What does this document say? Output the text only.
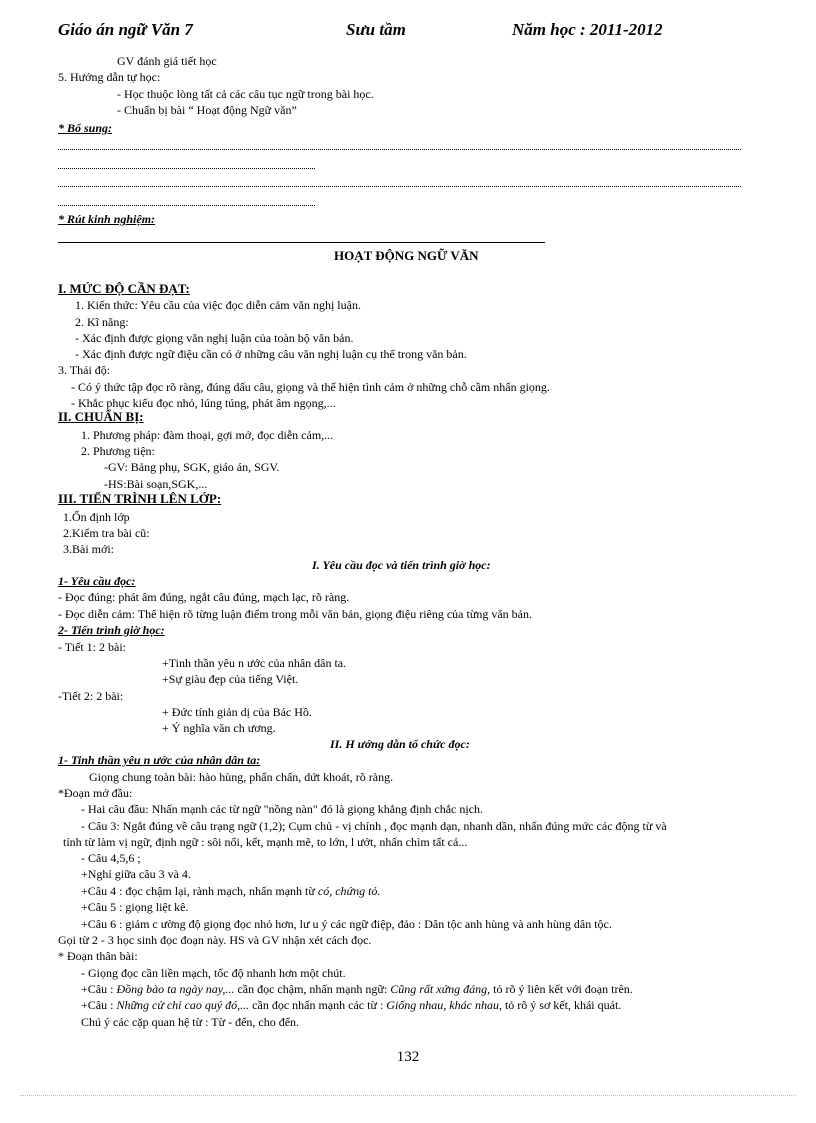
Giáo án ngữ Văn 7	Sưu tầm	Năm học : 2011-2012
GV đánh giá tiết học
5. Hướng dẫn tự học:
- Học thuộc lòng tất cả các câu tục ngữ trong bài học.
- Chuẩn bị bài “ Hoạt động Ngữ văn”
* Bổ sung:
* Rút kinh nghiệm:
HOẠT ĐỘNG NGỮ VĂN
I. MỨC ĐỘ CẦN ĐẠT:
1. Kiến thức: Yêu cầu của việc đọc diễn cảm văn nghị luận.
2. Kĩ năng:
- Xác định được giọng văn nghị luận của toàn bộ văn bản.
- Xác định được ngữ điệu cần có ở những câu văn nghị luận cụ thể trong văn bản.
3. Thái độ:
- Có ý thức tập đọc rõ ràng, đúng dấu câu, giọng và thể hiện tình cảm ở những chỗ cầm nhấn giọng.
- Khắc phục kiểu đọc nhỏ, lúng túng, phát âm ngọng,...
II. CHUẨN BỊ:
1. Phương pháp: đàm thoại, gợi mở, đọc diễn cảm,...
2. Phương tiện:
-GV: Bảng phụ, SGK, giáo án, SGV.
-HS:Bài soạn,SGK,...
III. TIẾN TRÌNH LÊN LỚP:
1.Ổn định lớp
2.Kiểm tra bài cũ:
3.Bài mới:
I. Yêu cầu đọc và tiến trình giờ học:
1- Yêu cầu đọc:
- Đọc đúng: phát âm đúng, ngắt câu đúng, mạch lạc, rõ ràng.
- Đọc diễn cảm: Thể hiện rõ từng luận điểm trong mỗi văn bản, giọng điệu riêng của từng văn bản.
2- Tiến trình giờ học:
- Tiết 1: 2 bài:
+Tinh thần yêu n ước của nhân dân ta.
+Sự giàu đẹp của tiếng Việt.
-Tiết 2: 2 bài:
+ Đức tính giản dị của Bác Hồ.
+ Ý nghĩa văn ch ương.
II. H ướng dẫn tổ chức đọc:
1- Tinh thần yêu n ước của nhân dân ta:
Giọng chung toàn bài: hào hùng, phấn chấn, dứt khoát, rõ ràng.
*Đoạn mở đầu:
- Hai câu đầu: Nhấn mạnh các từ ngữ "nồng nàn" đó là giọng khẳng định chắc nịch.
- Câu 3: Ngắt đúng về câu trạng ngữ (1,2); Cụm chủ - vị chính , đọc mạnh dạn, nhanh dần, nhấn đúng mức các động từ và
tính từ làm vị ngữ, định ngữ : sôi nổi, kết, mạnh mẽ, to lớn, l ướt, nhấn chìm tất cả...
- Câu 4,5,6 ;
+Nghỉ giữa câu 3 và 4.
+Câu 4 : đọc chậm lại, rành mạch, nhấn mạnh từ có, chứng tỏ.
+Câu 5 : giọng liệt kê.
+Câu 6 : giảm c ường độ giọng đọc nhỏ hơn, lư u ý các ngữ điệp, đảo : Dân tộc anh hùng và anh hùng dân tộc.
Gọi từ 2 - 3 học sinh đọc đoạn này. HS và GV nhận xét cách đọc.
* Đoạn thân bài:
- Giọng đọc cần liền mạch, tốc độ nhanh hơn một chút.
+Câu : Đồng bào ta ngày nay,... cần đọc chậm, nhấn mạnh ngữ: Cũng rất xứng đáng, tỏ rõ ý liên kết với đoạn trên.
+Câu : Những cử chỉ cao quý đó,... cần đọc nhấn mạnh các từ : Giống nhau, khác nhau, tỏ rõ ý sơ kết, khái quát.
Chú ý các cặp quan hệ từ : Từ - đến, cho đến.
132
